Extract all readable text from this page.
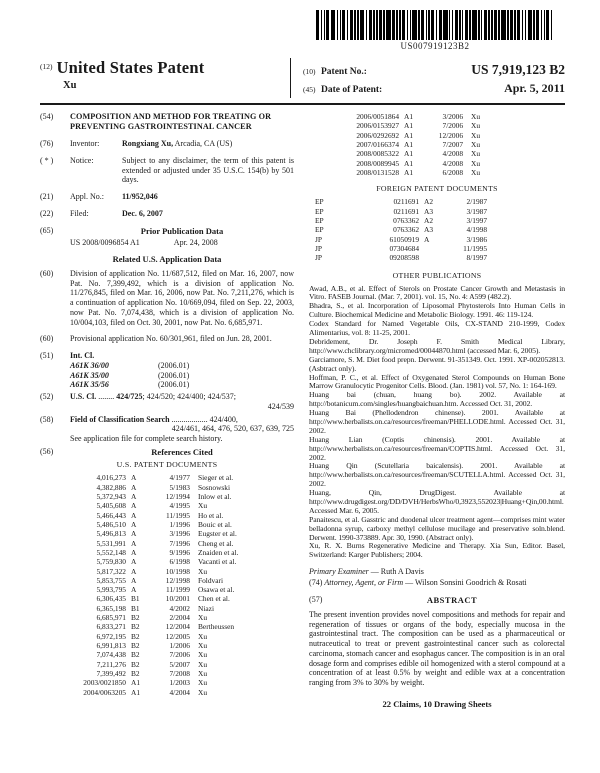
US007919123B2
$^{(12)}$ United States Patent
Xu
(10) Patent No.:	US 7,919,123 B2
(45) Date of Patent:	Apr. 5, 2011
(54)	COMPOSITION AND METHOD FOR TREATING OR PREVENTING GASTROINTESTINAL CANCER
(76)	Inventor:	Rongxiang Xu, Arcadia, CA (US)
( * )	Notice:	Subject to any disclaimer, the term of this patent is extended or adjusted under 35 U.S.C. 154(b) by 501 days.
(21)	Appl. No.:	11/952,046
(22)	Filed:	Dec. 6, 2007
(65)	Prior Publication Data
US 2008/0096854 A1	Apr. 24, 2008
Related U.S. Application Data
(60)	Division of application No. 11/687,512, filed on Mar. 16, 2007, now Pat. No. 7,399,492, which is a division of application No. 11/276,845, filed on Mar. 16, 2006, now Pat. No. 7,211,276, which is a continuation of application No. 10/669,094, filed on Sep. 22, 2003, now Pat. No. 7,074,438, which is a division of application No. 10/004,103, filed on Oct. 30, 2001, now Pat. No. 6,685,971.
(60)	Provisional application No. 60/301,961, filed on Jun. 28, 2001.
(51)	Int. Cl.
A61K 36/00	(2006.01)
A61K 35/00	(2006.01)
A61K 35/56	(2006.01)
(52)	U.S. Cl. ........ 424/725; 424/520; 424/400; 424/537;
424/539
(58)	Field of Classification Search .................. 424/400,
424/461, 464, 476, 520, 637, 639, 725
See application file for complete search history.
(56)	References Cited
U.S. PATENT DOCUMENTS
4,016,273 A	4/1977	Sieger et al.
4,382,886 A	5/1983	Sosnowski
5,372,943 A	12/1994	Inlow et al.
5,405,608 A	4/1995	Xu
5,466,443 A	11/1995	Ho et al.
5,486,510 A	1/1996	Bouic et al.
5,496,813 A	3/1996	Eugster et al.
5,531,991 A	7/1996	Cheng et al.
5,552,148 A	9/1996	Znaiden et al.
5,759,830 A	6/1998	Vacanti et al.
5,817,322 A	10/1998	Xu
5,853,755 A	12/1998	Foldvari
5,993,795 A	11/1999	Osawa et al.
6,306,435 B1	10/2001	Chen et al.
6,365,198 B1	4/2002	Niazi
6,685,971 B2	2/2004	Xu
6,833,271 B2	12/2004	Bertheussen
6,972,195 B2	12/2005	Xu
6,991,813 B2	1/2006	Xu
7,074,438 B2	7/2006	Xu
7,211,276 B2	5/2007	Xu
7,399,492 B2	7/2008	Xu
2003/0021850 A1	1/2003	Xu
2004/0063205 A1	4/2004	Xu
2006/0051864 A1	3/2006	Xu
2006/0153927 A1	7/2006	Xu
2006/0292692 A1	12/2006	Xu
2007/0166374 A1	7/2007	Xu
2008/0085322 A1	4/2008	Xu
2008/0089945 A1	4/2008	Xu
2008/0131528 A1	6/2008	Xu
FOREIGN PATENT DOCUMENTS
EP	0211691 A2	2/1987
EP	0211691 A3	3/1987
EP	0763362 A2	3/1997
EP	0763362 A3	4/1998
JP	61050919 A	3/1986
JP	07304684	11/1995
JP	09208598	8/1997
OTHER PUBLICATIONS
Awad, A.B., et al. Effect of Sterols on Prostate Cancer Growth and Metastasis in Vitro. FASEB Journal. (Mar. 7, 2001). vol. 15, No. 4: A599 (482.2).
Bhadra, S., et al. Incorporation of Liposomal Phytosterols Into Human Cells in Culture. Biochemical Medicine and Metabolic Biology. 1991. 46: 119-124.
Codex Standard for Named Vegetable Oils, CX-STAND 210-1999, Codex Alimentarius, vol. 8: 11-25, 2001.
Debridement, Dr. Joseph F. Smith Medical Library, http://www.chclibrary.org/micromed/00044870.html (accessed Mar. 6, 2005).
Garciamore, S. M. Diet food prepn. Derwent. 91-351349. Oct. 1991. XP-002052813. (Asbtract only).
Hoffman, P. C., et al. Effect of Oxygenated Sterol Compounds on Human Bone Marrow Granulocytic Progenitor Cells. Blood. (Jan. 1981) vol. 57, No. 1: 164-169.
Huang bai (chuan, huang bo). 2002. Available at http://botanicum.com/singles/huangbaichuan.htm. Accessed Oct. 31, 2002.
Huang Bai (Phellodendron chinense). 2001. Available at http://www.herbalists.on.ca/resources/freeman/PHELLODE.html. Accessed Oct. 31, 2002.
Huang Lian (Coptis chinensis). 2001. Available at http://www.herbalists.on.ca/resources/freeman/COPTIS.html. Accessed Oct. 31, 2002.
Huang Qin (Scutellaria baicalensis). 2001. Available at http://www.herbalists.on.ca/resources/freeman/SCUTELLA.html. Accessed Oct. 31, 2002.
Huang, Qin, DrugDigest. Available at http://www.drugdigest.org/DD/DVH/HerbsWho/0,3923,552023|Huang+Qin,00.html. Accessed Mar. 6, 2005.
Panaitescu, et al. Gasstric and duodenal ulcer treatment agent—comprises mint water belladonna syrup, carboxy methyl cellulose mucilage and preservative soln.blend. Derwent. 1990-373889. Apr. 30, 1990. (Abstract only).
Xu, R. X. Burns Regenerative Medicine and Therapy. Xia Sun, Editor. Basel, Switzerland: Karger Publishers; 2004.
Primary Examiner — Ruth A Davis
(74) Attorney, Agent, or Firm — Wilson Sonsini Goodrich & Rosati
(57)	ABSTRACT
The present invention provides novel compositions and methods for repair and regeneration of tissues or organs of the body, especially mucosa in the gastrointestinal tract. The composition can be used as a pharmaceutical or nutraceutical to treat or prevent gastrointestinal cancer such as colorectal carcinoma, stomach cancer and esophagus cancer. The composition is in an oral dosage form and comprises edible oil homogenized with a sterol compound at a concentration of at least 0.5% by weight and edible wax at a concentration ranging from 3% to 30% by weight.
22 Claims, 10 Drawing Sheets
